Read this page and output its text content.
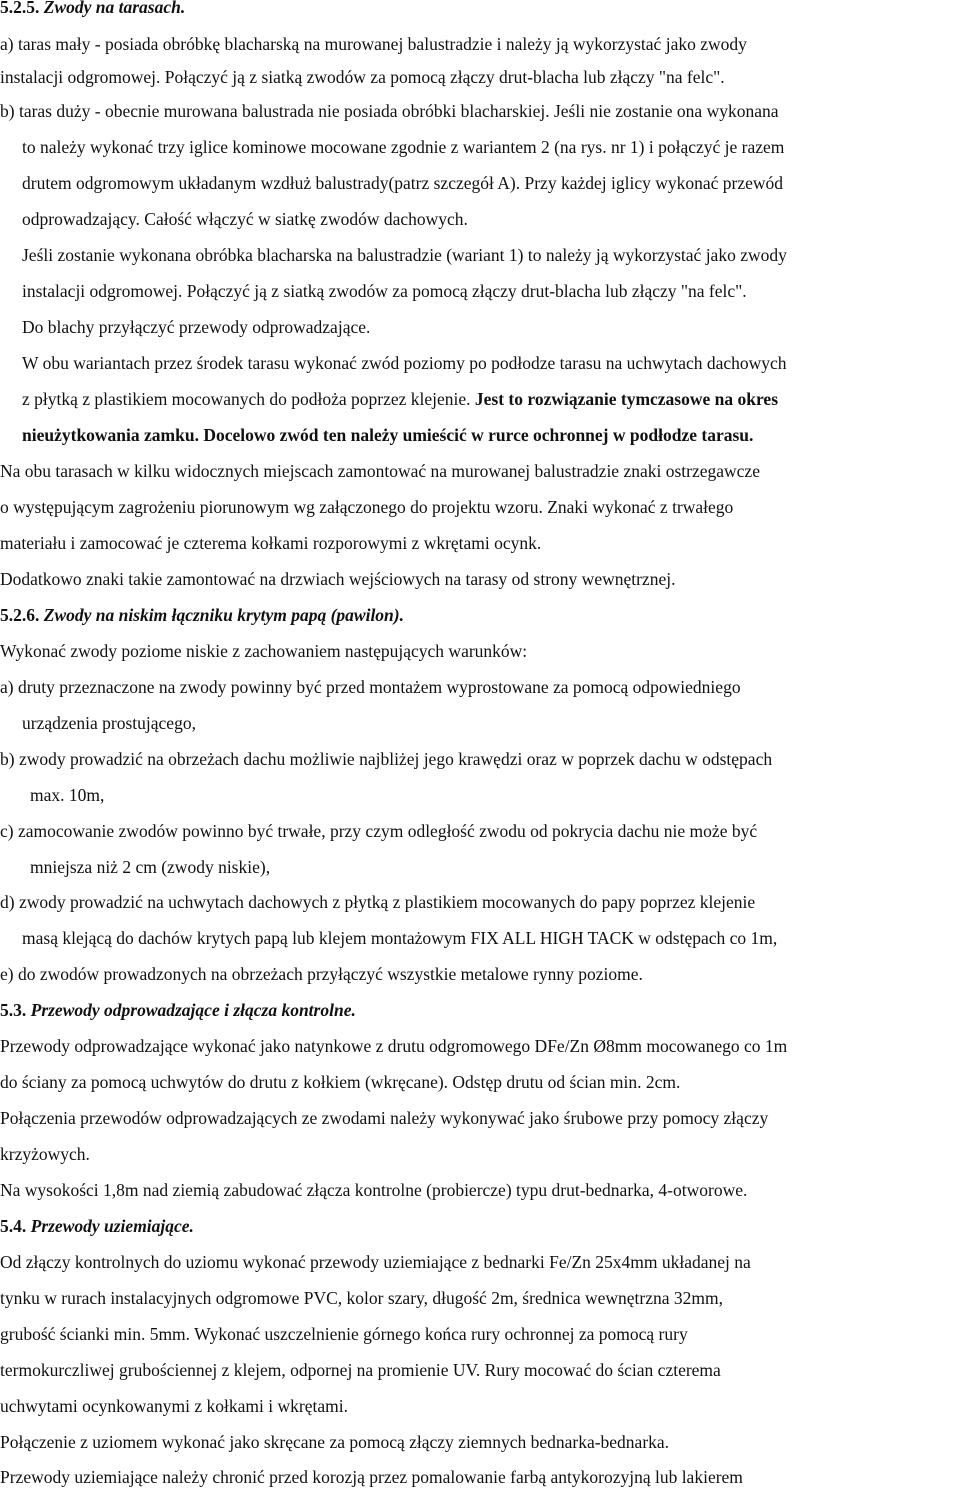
5.2.5. Zwody na tarasach.
a) taras mały - posiada obróbkę blacharską na murowanej balustradzie i należy ją wykorzystać jako zwody
instalacji odgromowej. Połączyć ją z siatką zwodów za pomocą złączy drut-blacha lub złączy "na felc".
b) taras duży - obecnie murowana balustrada nie posiada obróbki blacharskiej. Jeśli nie zostanie ona wykonana
to należy wykonać trzy iglice kominowe mocowane zgodnie z wariantem 2 (na rys. nr 1) i połączyć je razem
drutem odgromowym układanym wzdłuż balustrady(patrz szczegół A). Przy każdej iglicy wykonać przewód
odprowadzający. Całość włączyć w siatkę zwodów dachowych.
Jeśli zostanie wykonana obróbka blacharska na balustradzie (wariant 1) to należy ją wykorzystać jako zwody
instalacji odgromowej. Połączyć ją z siatką zwodów za pomocą złączy drut-blacha lub złączy "na felc".
Do blachy przyłączyć przewody odprowadzające.
W obu wariantach przez środek tarasu wykonać zwód poziomy po podłodze tarasu na uchwytach dachowych
z płytką z plastikiem mocowanych do podłoża poprzez klejenie. Jest to rozwiązanie tymczasowe na okres
nieużytkowania zamku. Docelowo zwód ten należy umieścić w rurce ochronnej w podłodze tarasu.
Na obu tarasach w kilku widocznych miejscach zamontować na murowanej balustradzie znaki ostrzegawcze
o występującym zagrożeniu piorunowym wg załączonego do projektu wzoru. Znaki wykonać z trwałego
materiału i zamocować je czterema kołkami rozporowymi z wkrętami ocynk.
Dodatkowo znaki takie zamontować na drzwiach wejściowych na tarasy od strony wewnętrznej.
5.2.6. Zwody na niskim łączniku krytym papą (pawilon).
Wykonać zwody poziome niskie z zachowaniem następujących warunków:
a) druty przeznaczone na zwody powinny być przed montażem wyprostowane za pomocą odpowiedniego
urządzenia prostującego,
b) zwody prowadzić na obrzeżach dachu możliwie najbliżej jego krawędzi oraz w poprzek dachu w odstępach
max. 10m,
c) zamocowanie zwodów powinno być trwałe, przy czym odległość zwodu od pokrycia dachu nie może być
mniejsza niż 2 cm (zwody niskie),
d) zwody prowadzić na uchwytach dachowych z płytką z plastikiem mocowanych do papy poprzez klejenie
masą klejącą do dachów krytych papą lub klejem montażowym FIX ALL HIGH TACK w odstępach co 1m,
e) do zwodów prowadzonych na obrzeżach przyłączyć wszystkie metalowe rynny poziome.
5.3. Przewody odprowadzające i złącza kontrolne.
Przewody odprowadzające wykonać jako natynkowe z drutu odgromowego DFe/Zn Ø8mm mocowanego co 1m
do ściany za pomocą uchwytów do drutu z kołkiem (wkręcane). Odstęp drutu od ścian min. 2cm.
Połączenia przewodów odprowadzających ze zwodami należy wykonywać jako śrubowe przy pomocy złączy
krzyżowych.
Na wysokości 1,8m nad ziemią zabudować złącza kontrolne (probiercze) typu drut-bednarka, 4-otworowe.
5.4. Przewody uziemiające.
Od złączy kontrolnych do uziomu wykonać przewody uziemiające z bednarki Fe/Zn 25x4mm układanej na
tynku w rurach instalacyjnych odgromowe PVC, kolor szary, długość 2m, średnica wewnętrzna 32mm,
grubość ścianki min. 5mm. Wykonać uszczelnienie górnego końca rury ochronnej za pomocą rury
termokurczliwej grubościennej z klejem, odpornej na promienie UV. Rury mocować do ścian czterema
uchwytami ocynkowanymi z kołkami i wkrętami.
Połączenie z uziomem wykonać jako skręcane za pomocą złączy ziemnych bednarka-bednarka.
Przewody uziemiające należy chronić przed korozją przez pomalowanie farbą antykorozyjną lub lakierem
